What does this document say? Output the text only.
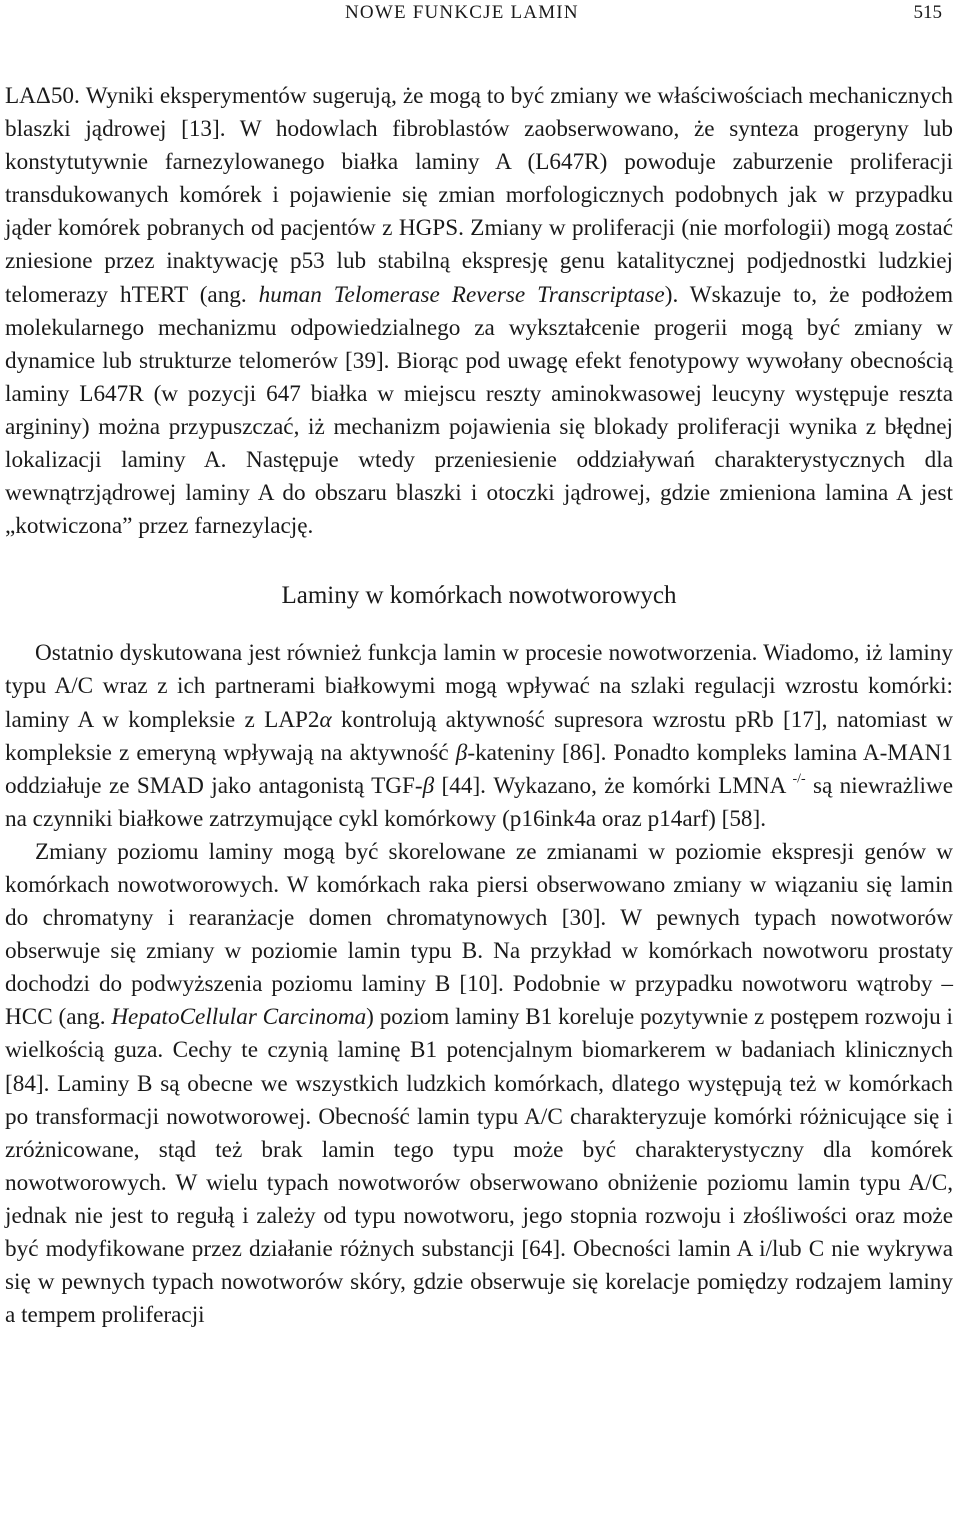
NOWE FUNKCJE LAMIN	515

LAΔ50. Wyniki eksperymentów sugerują, że mogą to być zmiany we właściwościach mechanicznych blaszki jądrowej [13]. W hodowlach fibroblastów zaobserwowano, że synteza progeryny lub konstytutywnie farnezylowanego białka laminy A (L647R) powoduje zaburzenie proliferacji transdukowanych komórek i pojawienie się zmian morfologicznych podobnych jak w przypadku jąder komórek pobranych od pacjentów z HGPS. Zmiany w proliferacji (nie morfologii) mogą zostać zniesione przez inaktywację p53 lub stabilną ekspresję genu katalitycznej podjednostki ludzkiej telomerazy hTERT (ang. human Telomerase Reverse Transcriptase). Wskazuje to, że podłożem molekularnego mechanizmu odpowiedzialnego za wykształcenie progerii mogą być zmiany w dynamice lub strukturze telomerów [39]. Biorąc pod uwagę efekt fenotypowy wywołany obecnością laminy L647R (w pozycji 647 białka w miejscu reszty aminokwasowej leucyny występuje reszta argininy) można przypuszczać, iż mechanizm pojawienia się blokady proliferacji wynika z błędnej lokalizacji laminy A. Następuje wtedy przeniesienie oddziaływań charakterystycznych dla wewnątrzjądrowej laminy A do obszaru blaszki i otoczki jądrowej, gdzie zmieniona lamina A jest „kotwiczona” przez farnezylację.

Laminy w komórkach nowotworowych

Ostatnio dyskutowana jest również funkcja lamin w procesie nowotworzenia. Wiadomo, iż laminy typu A/C wraz z ich partnerami białkowymi mogą wpływać na szlaki regulacji wzrostu komórki: laminy A w kompleksie z LAP2α kontrolują aktywność supresora wzrostu pRb [17], natomiast w kompleksie z emeryną wpływają na aktywność β-kateniny [86]. Ponadto kompleks lamina A-MAN1 oddziałuje ze SMAD jako antagonistą TGF-β [44]. Wykazano, że komórki LMNA -/- są niewrażliwe na czynniki białkowe zatrzymujące cykl komórkowy (p16ink4a oraz p14arf) [58].

Zmiany poziomu laminy mogą być skorelowane ze zmianami w poziomie ekspresji genów w komórkach nowotworowych. W komórkach raka piersi obserwowano zmiany w wiązaniu się lamin do chromatyny i rearanżacje domen chromatynowych [30]. W pewnych typach nowotworów obserwuje się zmiany w poziomie lamin typu B. Na przykład w komórkach nowotworu prostaty dochodzi do podwyższenia poziomu laminy B [10]. Podobnie w przypadku nowotworu wątroby – HCC (ang. HepatoCellular Carcinoma) poziom laminy B1 koreluje pozytywnie z postępem rozwoju i wielkością guza. Cechy te czynią laminę B1 potencjalnym biomarkerem w badaniach klinicznych [84]. Laminy B są obecne we wszystkich ludzkich komórkach, dlatego występują też w komórkach po transformacji nowotworowej. Obecność lamin typu A/C charakteryzuje komórki różnicujące się i zróżnicowane, stąd też brak lamin tego typu może być charakterystyczny dla komórek nowotworowych. W wielu typach nowotworów obserwowano obniżenie poziomu lamin typu A/C, jednak nie jest to regułą i zależy od typu nowotworu, jego stopnia rozwoju i złośliwości oraz może być modyfikowane przez działanie różnych substancji [64]. Obecności lamin A i/lub C nie wykrywa się w pewnych typach nowotworów skóry, gdzie obserwuje się korelacje pomiędzy rodzajem laminy a tempem proliferacji
